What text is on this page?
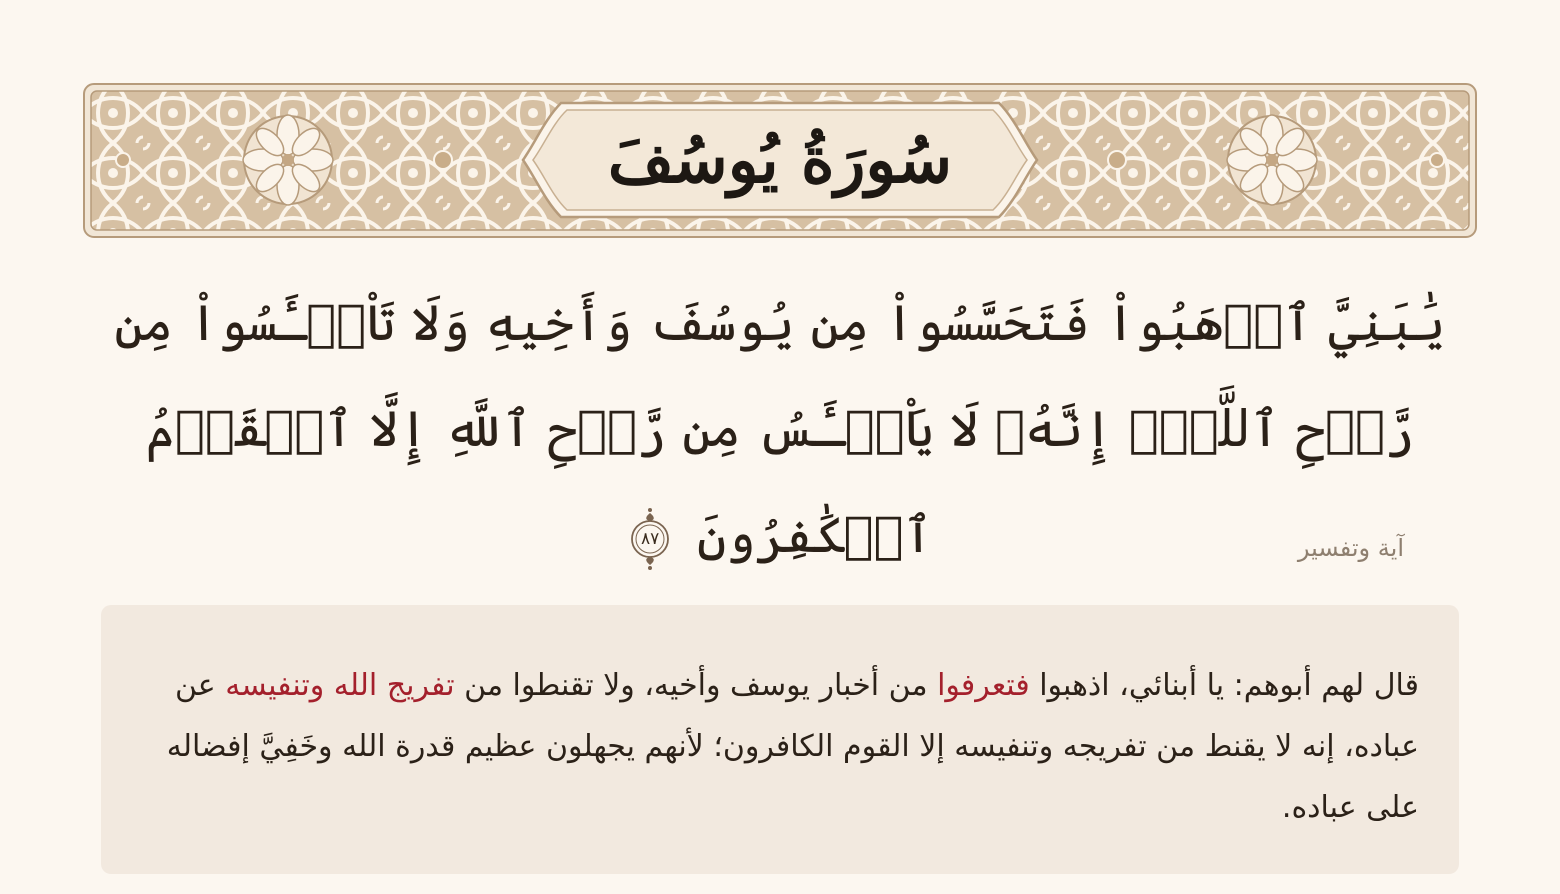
سُورَةُ يُوسُفَ
يَٰبَنِيَّ ٱذۡهَبُواْ فَتَحَسَّسُواْ مِن يُوسُفَ وَأَخِيهِ وَلَا تَاْيۡـَٔسُواْ مِن رَّوۡحِ ٱللَّهِۖ إِنَّهُۥ لَا يَاْيۡـَٔسُ مِن رَّوۡحِ ٱللَّهِ إِلَّا ٱلۡقَوۡمُ ٱلۡكَٰفِرُونَ
٨٧	آية وتفسير
قال لهم أبوهم: يا أبنائي، اذهبوا فتعرفوا من أخبار يوسف وأخيه، ولا تقنطوا من تفريج الله وتنفيسه عن عباده، إنه لا يقنط من تفريجه وتنفيسه إلا القوم الكافرون؛ لأنهم يجهلون عظيم قدرة الله وخَفِيَّ إفضاله على عباده.
